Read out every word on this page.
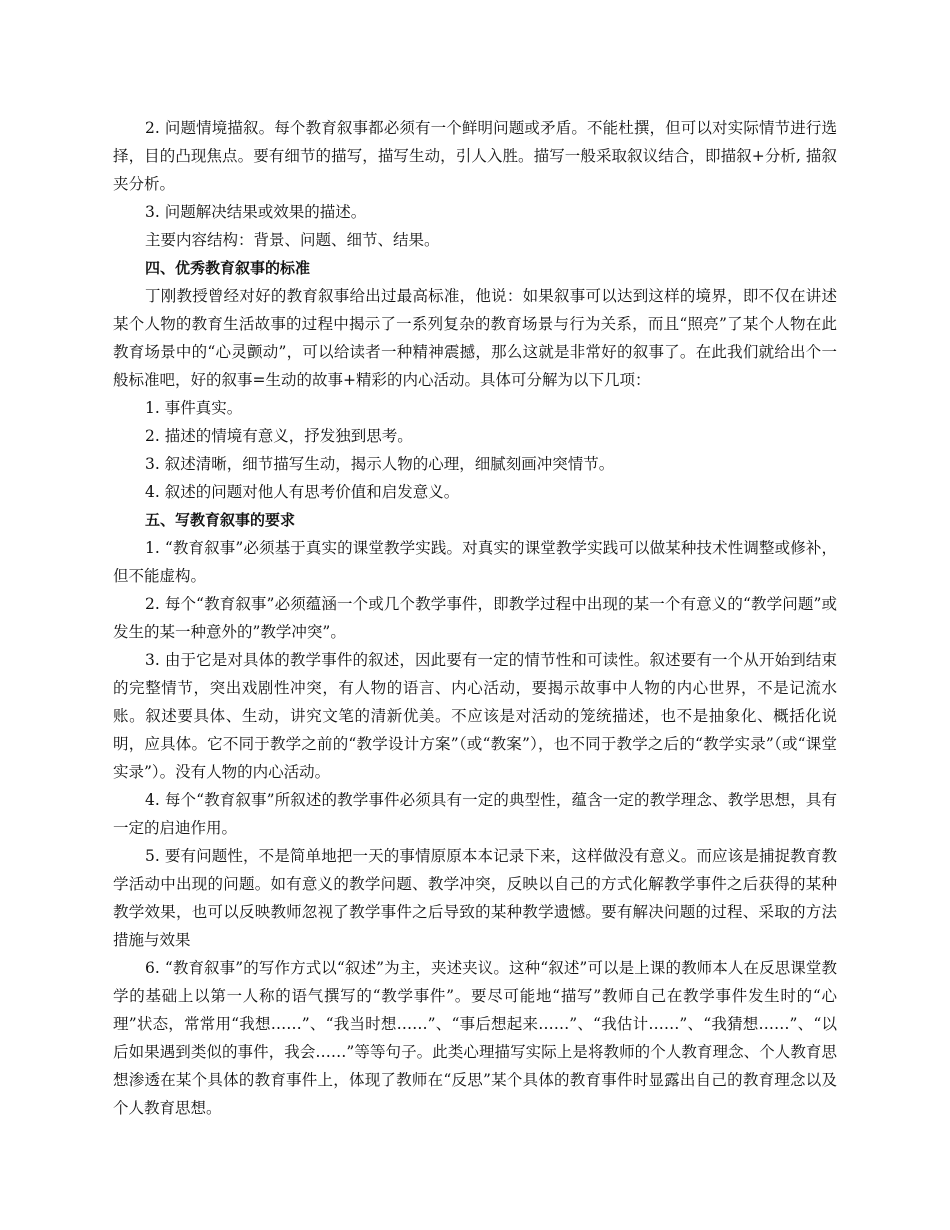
2. 问题情境描叙。每个教育叙事都必须有一个鲜明问题或矛盾。不能杜撰，但可以对实际情节进行选择，目的凸现焦点。要有细节的描写，描写生动，引人入胜。描写一般采取叙议结合，即描叙+分析, 描叙夹分析。

3. 问题解决结果或效果的描述。

主要内容结构：背景、问题、细节、结果。

四、优秀教育叙事的标准

丁刚教授曾经对好的教育叙事给出过最高标准，他说：如果叙事可以达到这样的境界，即不仅在讲述某个人物的教育生活故事的过程中揭示了一系列复杂的教育场景与行为关系，而且“照亮”了某个人物在此教育场景中的“心灵颤动”，可以给读者一种精神震撼，那么这就是非常好的叙事了。在此我们就给出个一般标准吧，好的叙事=生动的故事+精彩的内心活动。具体可分解为以下几项：

1. 事件真实。

2. 描述的情境有意义，抒发独到思考。

3. 叙述清晰，细节描写生动，揭示人物的心理，细腻刻画冲突情节。

4. 叙述的问题对他人有思考价值和启发意义。

五、写教育叙事的要求

1. “教育叙事”必须基于真实的课堂教学实践。对真实的课堂教学实践可以做某种技术性调整或修补，但不能虚构。

2. 每个“教育叙事”必须蕴涵一个或几个教学事件，即教学过程中出现的某一个有意义的“教学问题”或发生的某一种意外的”教学冲突”。

3. 由于它是对具体的教学事件的叙述，因此要有一定的情节性和可读性。叙述要有一个从开始到结束的完整情节，突出戏剧性冲突，有人物的语言、内心活动，要揭示故事中人物的内心世界，不是记流水账。叙述要具体、生动，讲究文笔的清新优美。不应该是对活动的笼统描述，也不是抽象化、概括化说明，应具体。它不同于教学之前的“教学设计方案”（或“教案”），也不同于教学之后的“教学实录”（或“课堂实录”）。没有人物的内心活动。

4. 每个“教育叙事”所叙述的教学事件必须具有一定的典型性，蕴含一定的教学理念、教学思想，具有一定的启迪作用。

5. 要有问题性，不是简单地把一天的事情原原本本记录下来，这样做没有意义。而应该是捕捉教育教学活动中出现的问题。如有意义的教学问题、教学冲突，反映以自己的方式化解教学事件之后获得的某种教学效果，也可以反映教师忽视了教学事件之后导致的某种教学遗憾。要有解决问题的过程、采取的方法措施与效果

6. “教育叙事”的写作方式以“叙述”为主，夹述夹议。这种“叙述”可以是上课的教师本人在反思课堂教学的基础上以第一人称的语气撰写的“教学事件”。要尽可能地“描写”教师自己在教学事件发生时的“心理”状态，常常用“我想……”、“我当时想……”、“事后想起来……”、“我估计……”、“我猜想……”、“以后如果遇到类似的事件，我会……”等等句子。此类心理描写实际上是将教师的个人教育理念、个人教育思想渗透在某个具体的教育事件上，体现了教师在“反思”某个具体的教育事件时显露出自己的教育理念以及个人教育思想。
